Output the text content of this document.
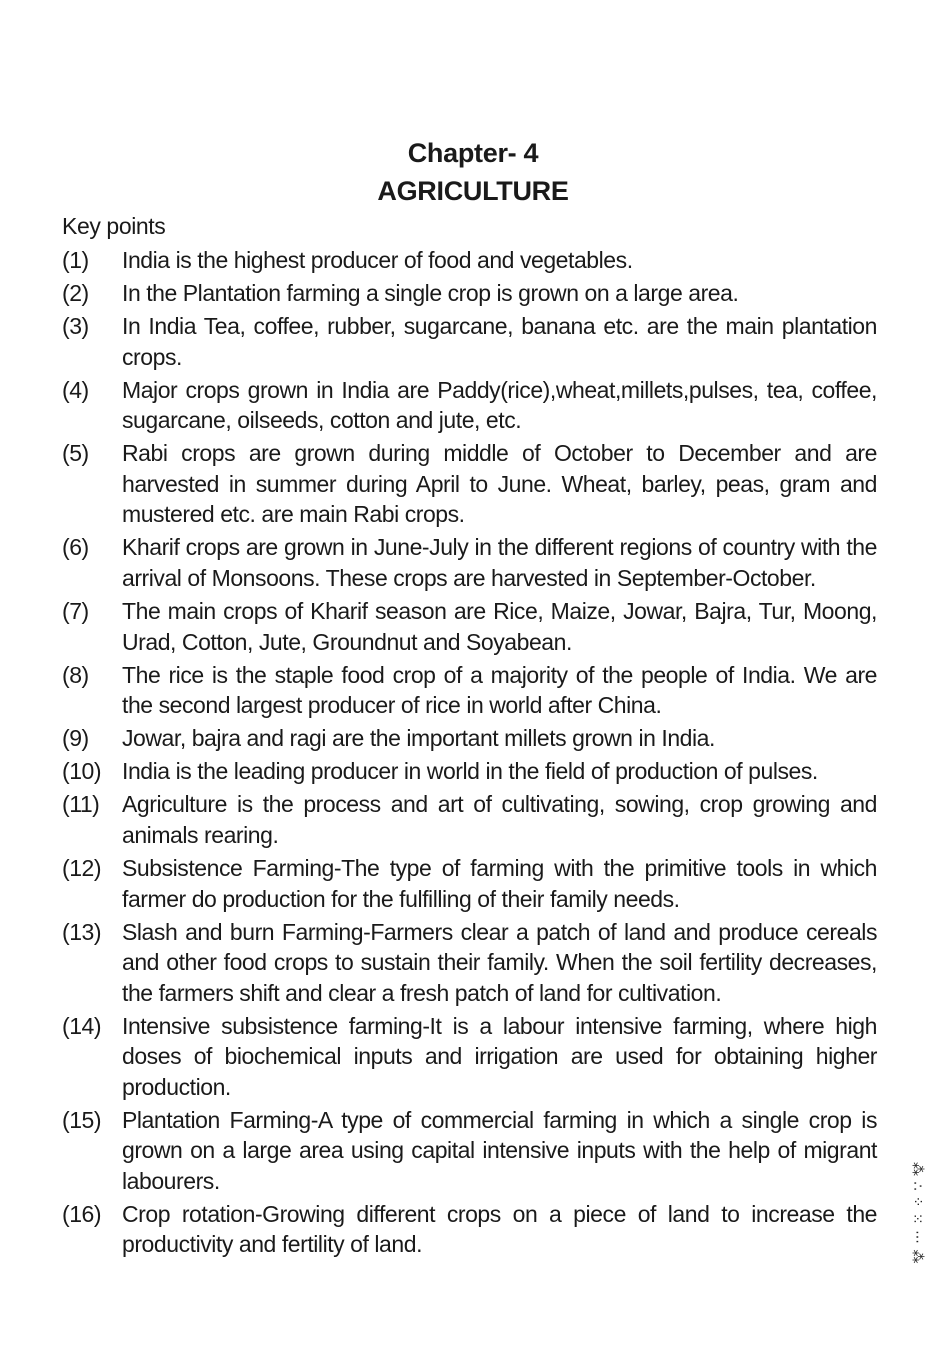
Chapter- 4
AGRICULTURE
Key points
(1)	India is the highest producer of food and vegetables.
(2)	In the Plantation farming a single crop is grown on a large area.
(3)	In India Tea, coffee, rubber, sugarcane, banana etc. are the main plantation crops.
(4)	Major crops grown in India are Paddy(rice),wheat,millets,pulses, tea, coffee, sugarcane, oilseeds, cotton and jute, etc.
(5)	Rabi crops are grown during middle of October to December and are harvested in summer during April to June. Wheat, barley, peas, gram and mustered etc. are main Rabi crops.
(6)	Kharif crops are grown in June-July in the different regions of country with the arrival of Monsoons. These crops are harvested in September-October.
(7)	The main crops of Kharif season are Rice, Maize, Jowar, Bajra, Tur, Moong, Urad, Cotton, Jute, Groundnut and Soyabean.
(8)	The rice is the staple food crop of a majority of the people of India. We are the second largest producer of rice in world after China.
(9)	Jowar, bajra and ragi are the important millets grown in India.
(10) India is the leading producer in world in the field of production of pulses.
(11) Agriculture is the process and art of cultivating, sowing, crop growing and animals rearing.
(12) Subsistence Farming-The type of farming with the primitive tools in which farmer do production for the fulfilling of their family needs.
(13) Slash and burn Farming-Farmers clear a patch of land and produce cereals and other food crops to sustain their family. When the soil fertility decreases, the farmers shift and clear a fresh patch of land for cultivation.
(14) Intensive subsistence farming-It is a labour intensive farming, where high doses of biochemical inputs and irrigation are used for obtaining higher production.
(15) Plantation Farming-A type of commercial farming in which a single crop is grown on a large area using capital intensive inputs with the help of migrant labourers.
(16) Crop rotation-Growing different crops on a piece of land to increase the productivity and fertility of land.	⁂ ∴ ⁘ ⁙ ⋯ ⁂
